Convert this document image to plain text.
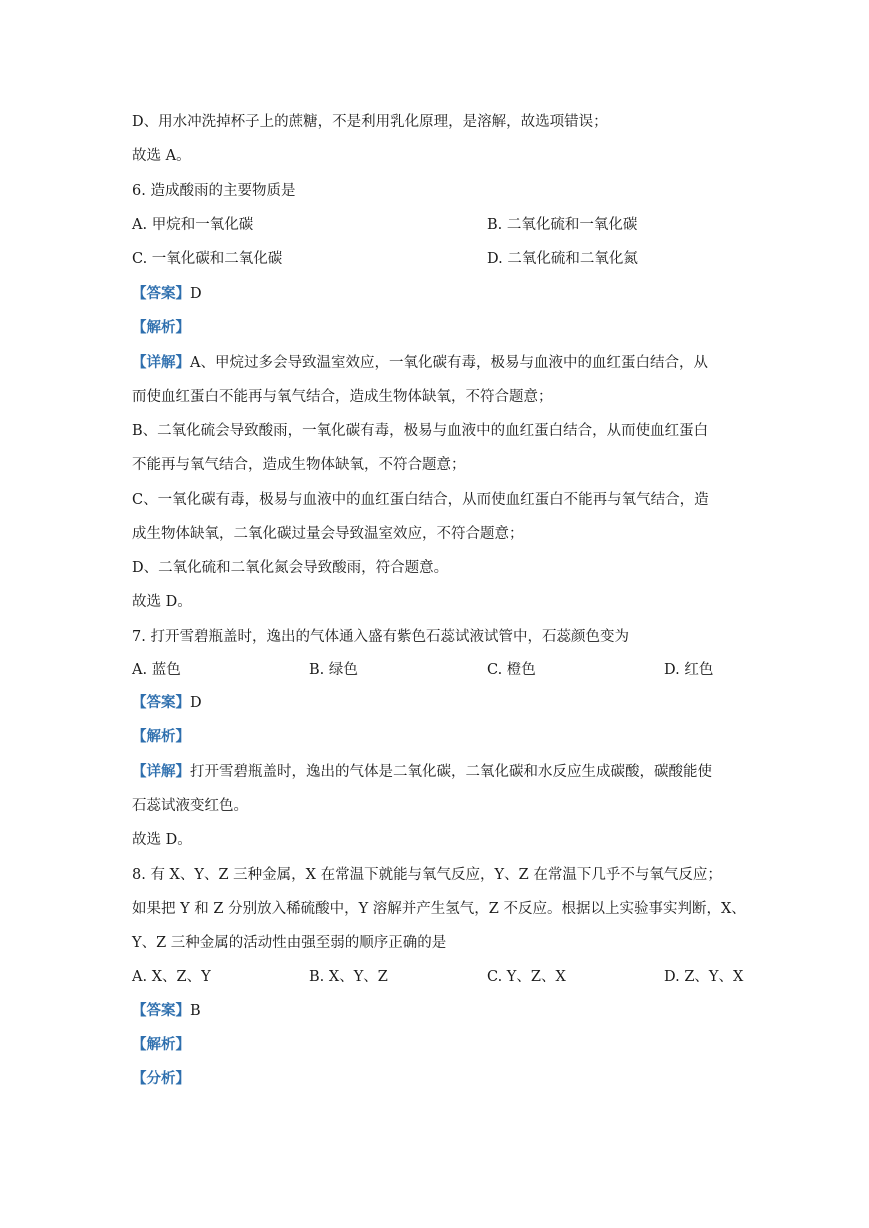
D、用水冲洗掉杯子上的蔗糖，不是利用乳化原理，是溶解，故选项错误；
故选 A。
6. 造成酸雨的主要物质是
A. 甲烷和一氧化碳	B. 二氧化硫和一氧化碳
C. 一氧化碳和二氧化碳	D. 二氧化硫和二氧化氮
【答案】D
【解析】
【详解】A、甲烷过多会导致温室效应，一氧化碳有毒，极易与血液中的血红蛋白结合，从
而使血红蛋白不能再与氧气结合，造成生物体缺氧，不符合题意；
B、二氧化硫会导致酸雨，一氧化碳有毒，极易与血液中的血红蛋白结合，从而使血红蛋白
不能再与氧气结合，造成生物体缺氧，不符合题意；
C、一氧化碳有毒，极易与血液中的血红蛋白结合，从而使血红蛋白不能再与氧气结合，造
成生物体缺氧，二氧化碳过量会导致温室效应，不符合题意；
D、二氧化硫和二氧化氮会导致酸雨，符合题意。
故选 D。
7. 打开雪碧瓶盖时，逸出的气体通入盛有紫色石蕊试液试管中，石蕊颜色变为
A. 蓝色	B. 绿色	C. 橙色	D. 红色
【答案】D
【解析】
【详解】打开雪碧瓶盖时，逸出的气体是二氧化碳，二氧化碳和水反应生成碳酸，碳酸能使
石蕊试液变红色。
故选 D。
8. 有 X、Y、Z 三种金属，X 在常温下就能与氧气反应，Y、Z 在常温下几乎不与氧气反应；
如果把 Y 和 Z 分别放入稀硫酸中，Y 溶解并产生氢气，Z 不反应。根据以上实验事实判断，X、
Y、Z 三种金属的活动性由强至弱的顺序正确的是
A. X、Z、Y	B. X、Y、Z	C. Y、Z、X	D. Z、Y、X
【答案】B
【解析】
【分析】
